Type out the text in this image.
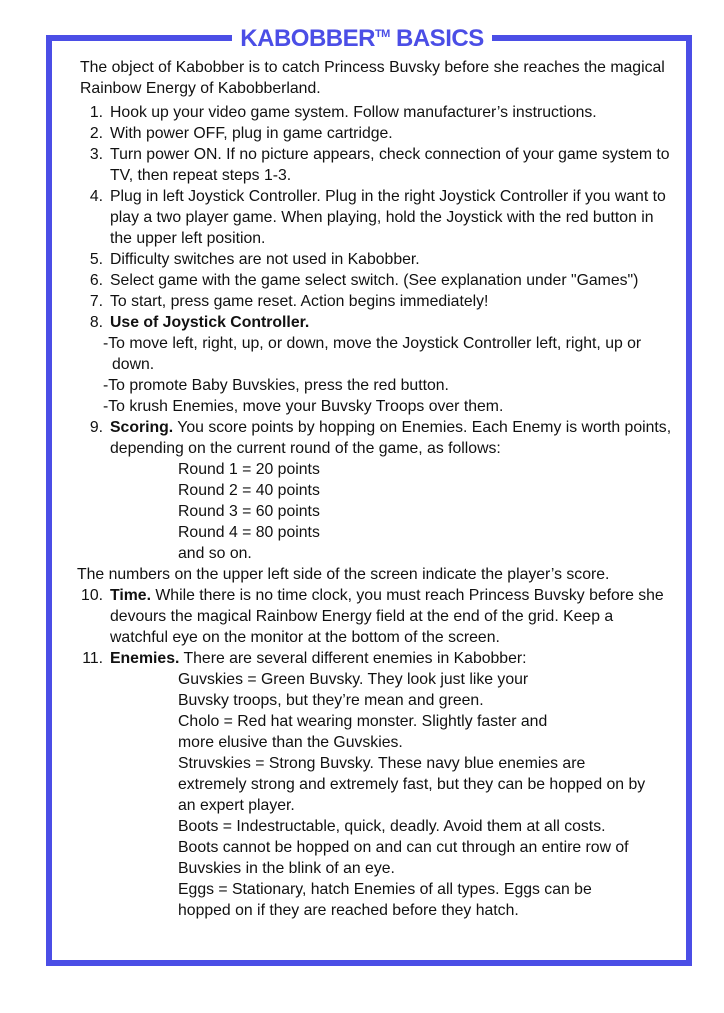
KABOBBER™ BASICS

The object of Kabobber is to catch Princess Buvsky before she reaches the magical Rainbow Energy of Kabobberland.

1. Hook up your video game system. Follow manufacturer’s instructions.
2. With power OFF, plug in game cartridge.
3. Turn power ON. If no picture appears, check connection of your game system to TV, then repeat steps 1-3.
4. Plug in left Joystick Controller. Plug in the right Joystick Controller if you want to play a two player game. When playing, hold the Joystick with the red button in the upper left position.
5. Difficulty switches are not used in Kabobber.
6. Select game with the game select switch. (See explanation under "Games")
7. To start, press game reset. Action begins immediately!
8. Use of Joystick Controller.
-To move left, right, up, or down, move the Joystick Controller left, right, up or down.
-To promote Baby Buvskies, press the red button.
-To krush Enemies, move your Buvsky Troops over them.
9. Scoring. You score points by hopping on Enemies. Each Enemy is worth points, depending on the current round of the game, as follows:
Round 1 = 20 points
Round 2 = 40 points
Round 3 = 60 points
Round 4 = 80 points
and so on.
The numbers on the upper left side of the screen indicate the player’s score.
10. Time. While there is no time clock, you must reach Princess Buvsky before she devours the magical Rainbow Energy field at the end of the grid. Keep a watchful eye on the monitor at the bottom of the screen.
11. Enemies. There are several different enemies in Kabobber:
Guvskies = Green Buvsky. They look just like your Buvsky troops, but they’re mean and green.
Cholo = Red hat wearing monster. Slightly faster and more elusive than the Guvskies.
Struvskies = Strong Buvsky. These navy blue enemies are extremely strong and extremely fast, but they can be hopped on by an expert player.
Boots = Indestructable, quick, deadly. Avoid them at all costs. Boots cannot be hopped on and can cut through an entire row of Buvskies in the blink of an eye.
Eggs = Stationary, hatch Enemies of all types. Eggs can be hopped on if they are reached before they hatch.
